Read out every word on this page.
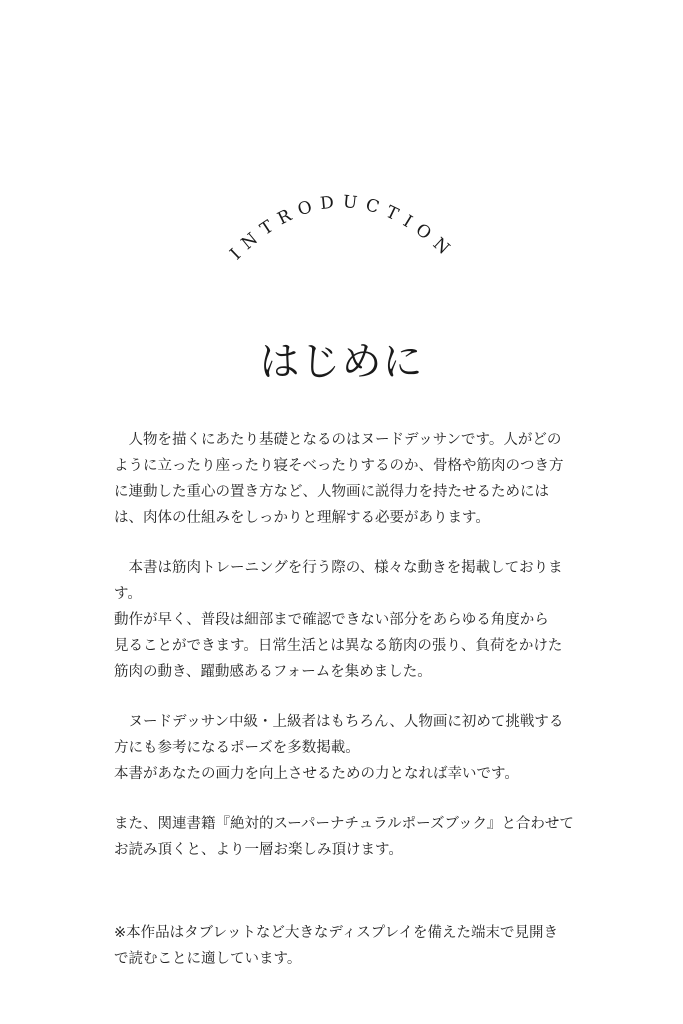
INTRODUCTION
はじめに

　人物を描くにあたり基礎となるのはヌードデッサンです。人がどの
ように立ったり座ったり寝そべったりするのか、骨格や筋肉のつき方
に連動した重心の置き方など、人物画に説得力を持たせるためには
は、肉体の仕組みをしっかりと理解する必要があります。

　本書は筋肉トレーニングを行う際の、様々な動きを掲載しておりま
す。
動作が早く、普段は細部まで確認できない部分をあらゆる角度から
見ることができます。日常生活とは異なる筋肉の張り、負荷をかけた
筋肉の動き、躍動感あるフォームを集めました。

　ヌードデッサン中級・上級者はもちろん、人物画に初めて挑戦する
方にも参考になるポーズを多数掲載。
本書があなたの画力を向上させるための力となれば幸いです。

また、関連書籍『絶対的スーパーナチュラルポーズブック』と合わせて
お読み頂くと、より一層お楽しみ頂けます。

※本作品はタブレットなど大きなディスプレイを備えた端末で見開き
で読むことに適しています。
